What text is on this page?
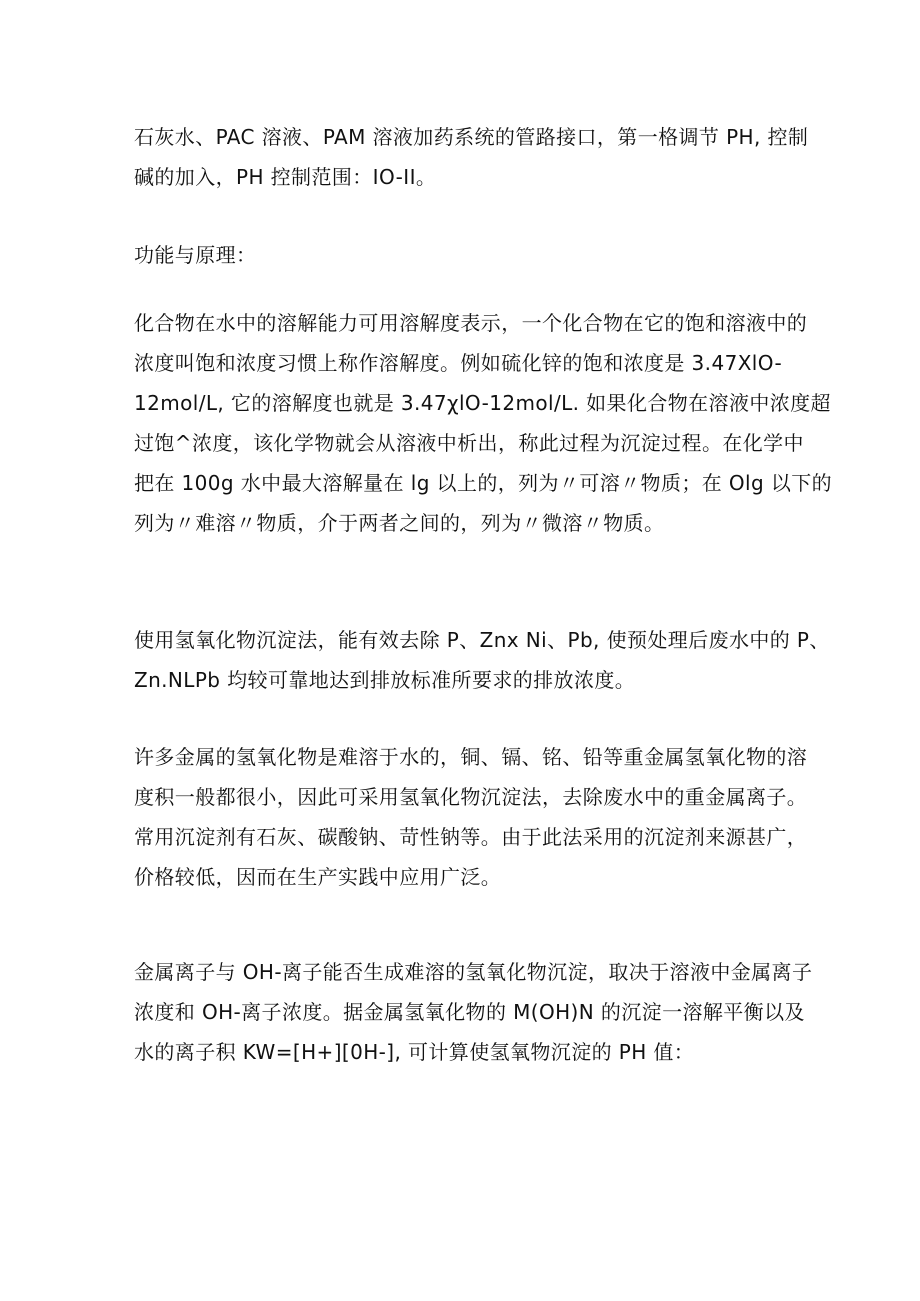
石灰水、PAC 溶液、PAM 溶液加药系统的管路接口，第一格调节 PH, 控制
碱的加入，PH 控制范围：IO-II。

功能与原理：

化合物在水中的溶解能力可用溶解度表示，一个化合物在它的饱和溶液中的
浓度叫饱和浓度习惯上称作溶解度。例如硫化锌的饱和浓度是 3.47XlO-
12mol/L, 它的溶解度也就是 3.47χlO-12mol/L. 如果化合物在溶液中浓度超
过饱^浓度，该化学物就会从溶液中析出，称此过程为沉淀过程。在化学中
把在 100g 水中最大溶解量在 lg 以上的，列为〃可溶〃物质；在 Olg 以下的
列为〃难溶〃物质，介于两者之间的，列为〃微溶〃物质。

使用氢氧化物沉淀法，能有效去除 P、Znx Ni、Pb, 使预处理后废水中的 P、
Zn.NLPb 均较可靠地达到排放标准所要求的排放浓度。

许多金属的氢氧化物是难溶于水的，铜、镉、铭、铅等重金属氢氧化物的溶
度积一般都很小，因此可采用氢氧化物沉淀法，去除废水中的重金属离子。
常用沉淀剂有石灰、碳酸钠、苛性钠等。由于此法采用的沉淀剂来源甚广，
价格较低，因而在生产实践中应用广泛。

金属离子与 OH-离子能否生成难溶的氢氧化物沉淀，取决于溶液中金属离子
浓度和 OH-离子浓度。据金属氢氧化物的 M(OH)N 的沉淀一溶解平衡以及
水的离子积 KW=[H+][0H-], 可计算使氢氧物沉淀的 PH 值：
